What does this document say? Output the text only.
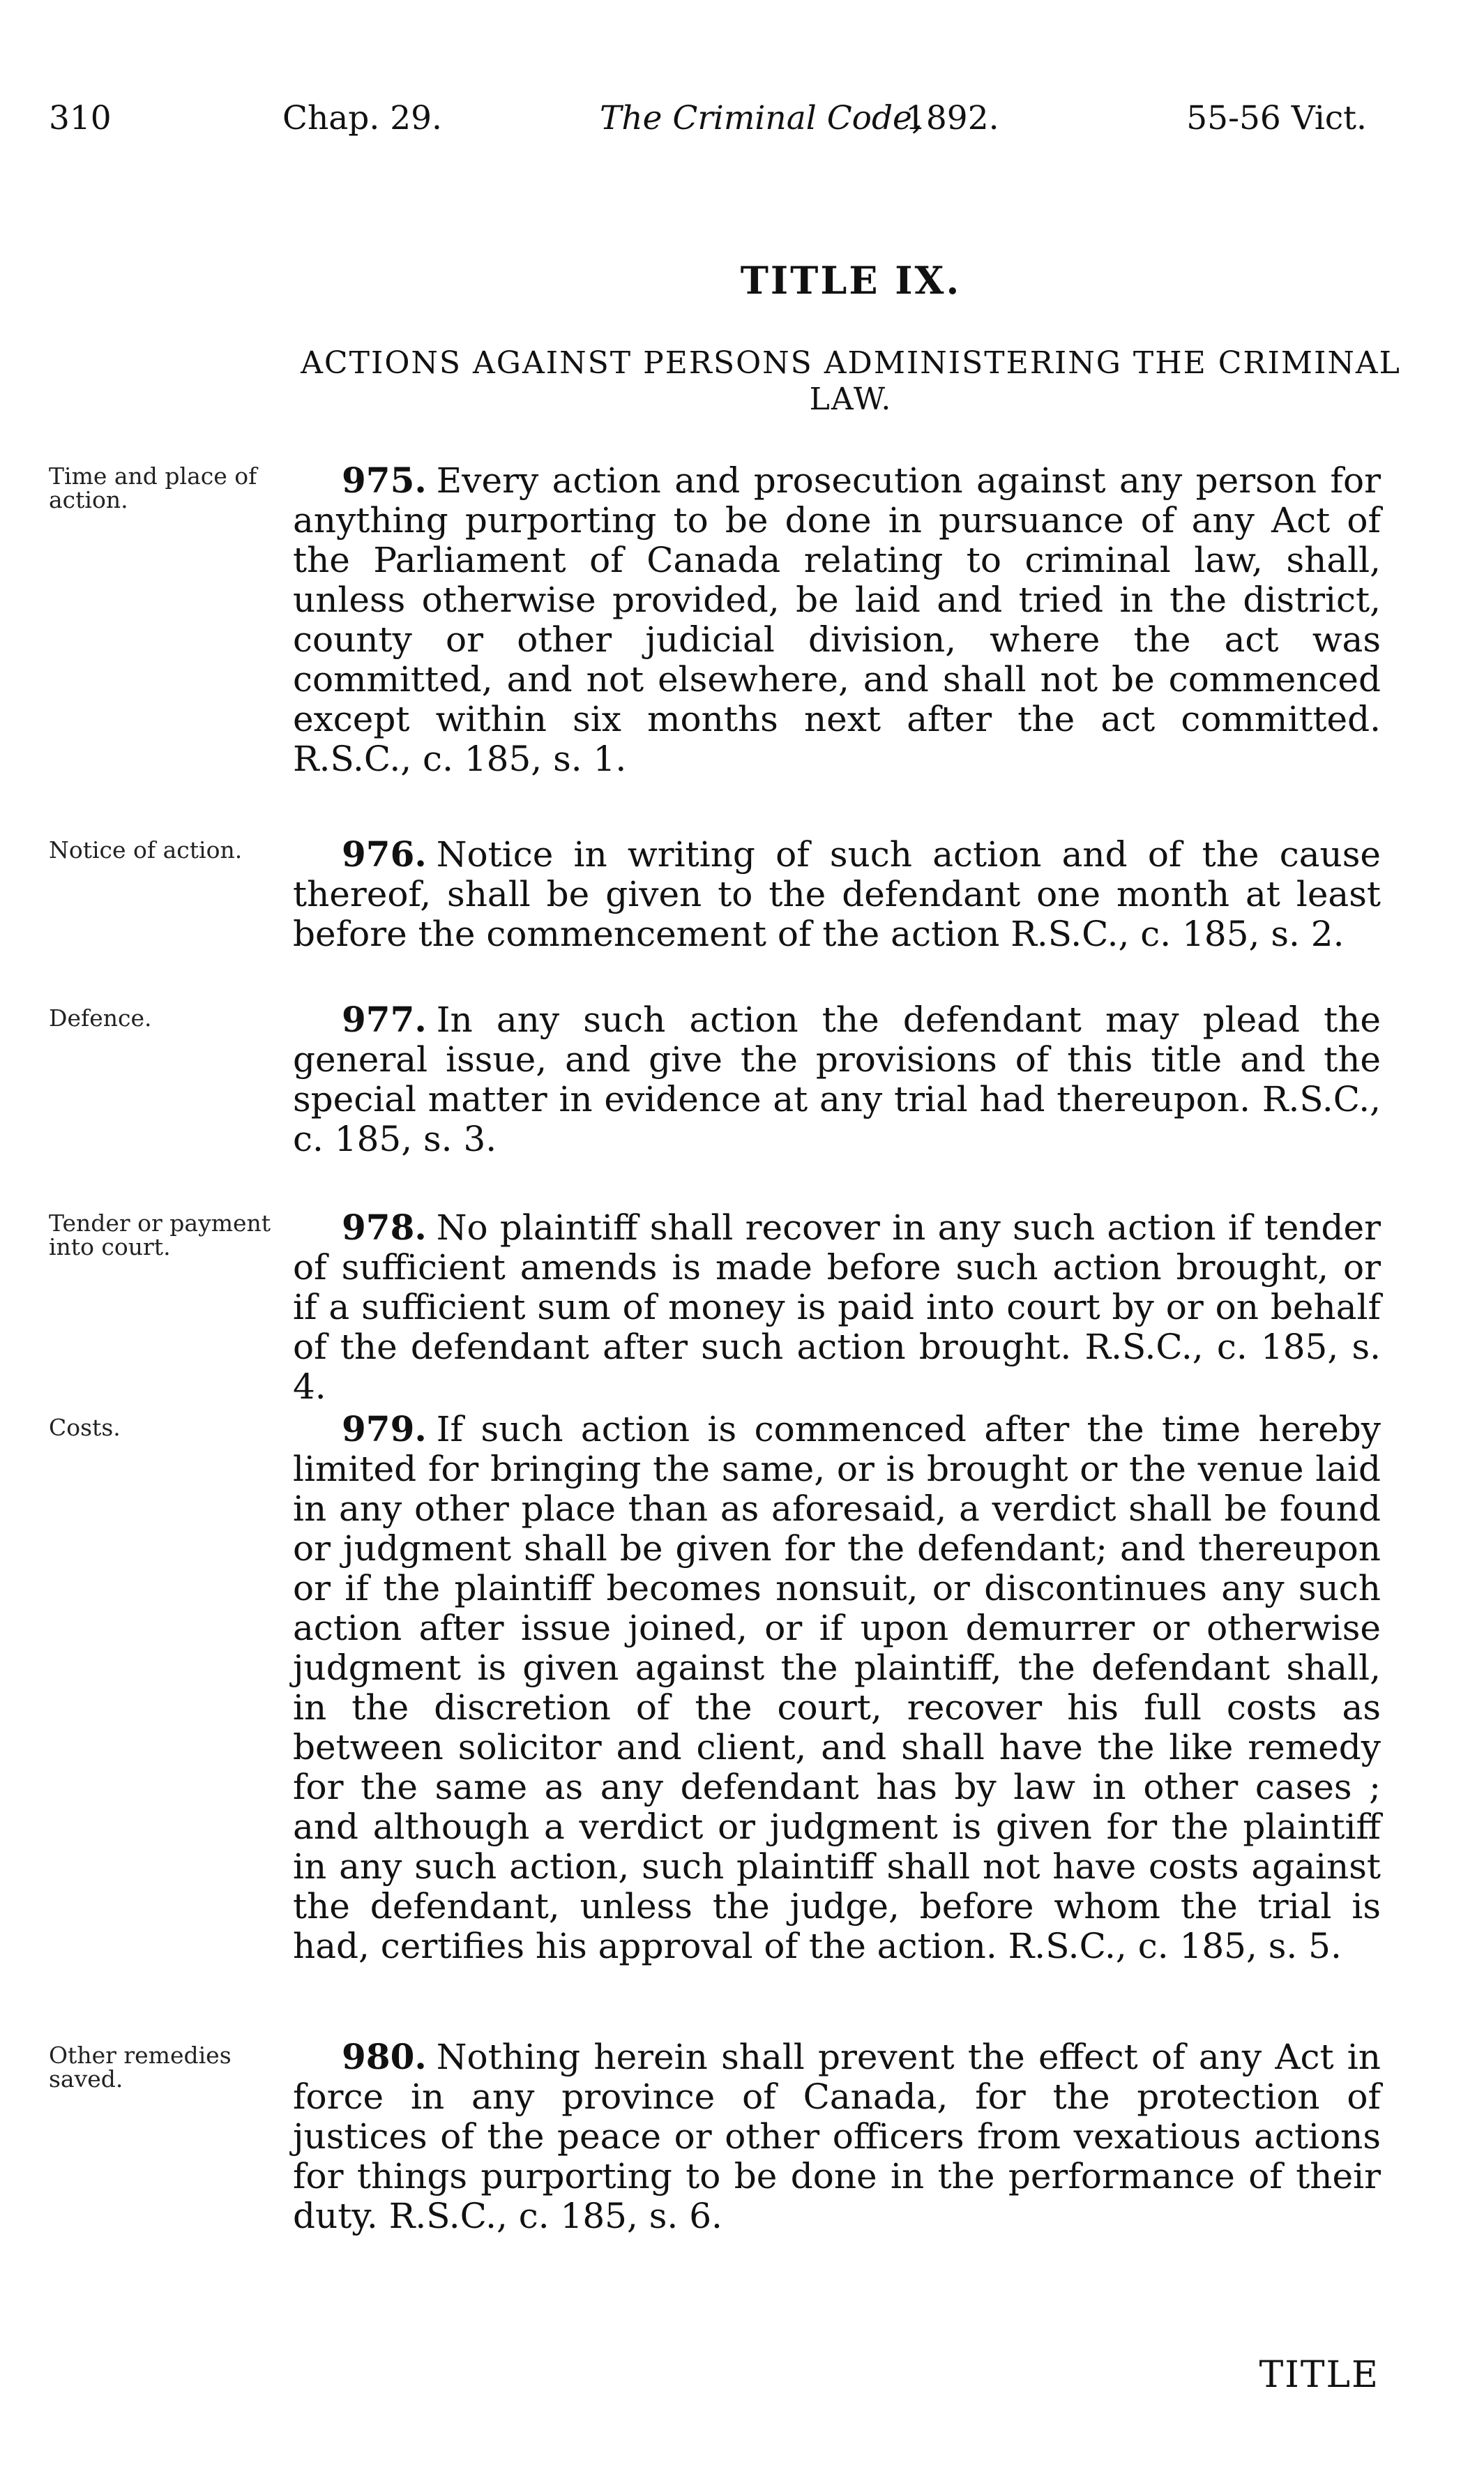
310	Chap. 29.	The Criminal Code,
1892.	55-56 Vict.
TITLE IX.
ACTIONS AGAINST PERSONS ADMINISTERING THE CRIMINAL LAW.
Time and place of action.	975. Every action and prosecution against any person for anything purporting to be done in pursuance of any Act of the Parliament of Canada relating to criminal law, shall, unless otherwise provided, be laid and tried in the district, county or other judicial division, where the act was committed, and not elsewhere, and shall not be commenced except within six months next after the act committed. R.S.C., c. 185, s. 1.
Notice of action.	976. Notice in writing of such action and of the cause thereof, shall be given to the defendant one month at least before the commencement of the action R.S.C., c. 185, s. 2.
Defence.	977. In any such action the defendant may plead the general issue, and give the provisions of this title and the special matter in evidence at any trial had thereupon. R.S.C., c. 185, s. 3.
Tender or payment into court.	978. No plaintiff shall recover in any such action if tender of sufficient amends is made before such action brought, or if a sufficient sum of money is paid into court by or on behalf of the defendant after such action brought. R.S.C., c. 185, s. 4.
Costs.	979. If such action is commenced after the time hereby limited for bringing the same, or is brought or the venue laid in any other place than as aforesaid, a verdict shall be found or judgment shall be given for the defendant; and thereupon or if the plaintiff becomes nonsuit, or discontinues any such action after issue joined, or if upon demurrer or otherwise judgment is given against the plaintiff, the defendant shall, in the discretion of the court, recover his full costs as between solicitor and client, and shall have the like remedy for the same as any defendant has by law in other cases ; and although a verdict or judgment is given for the plaintiff in any such action, such plaintiff shall not have costs against the defendant, unless the judge, before whom the trial is had, certifies his approval of the action. R.S.C., c. 185, s. 5.
Other remedies saved.
980. Nothing herein shall prevent the effect of any Act in force in any province of Canada, for the protection of justices of the peace or other officers from vexatious actions for things purporting to be done in the performance of their duty. R.S.C., c. 185, s. 6.
TITLE
